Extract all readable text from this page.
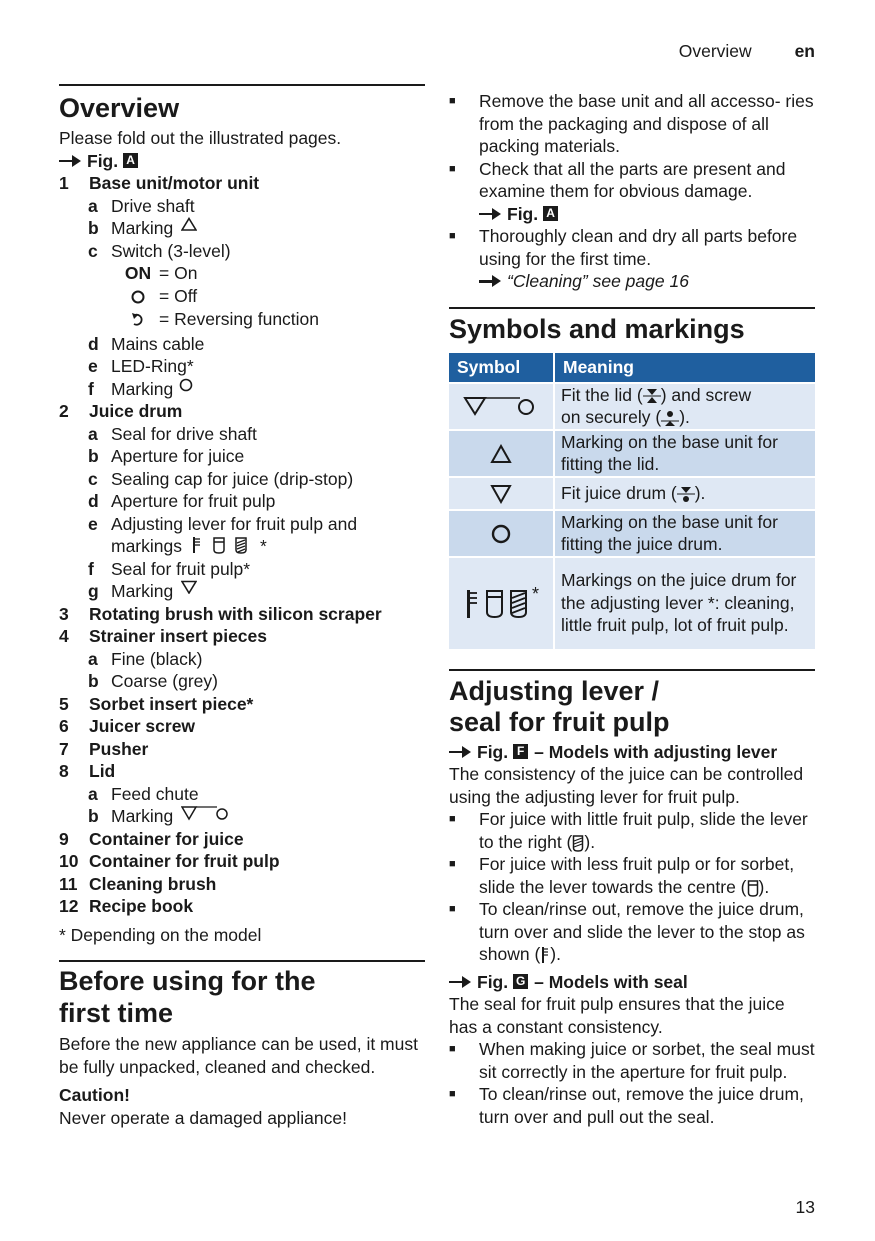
Overview en
Overview
Please fold out the illustrated pages.
Fig. A
1	Base unit/motor unit
a Drive shaft
b Marking
c Switch (3-level)
ON = On
= Off
= Reversing function
d Mains cable
e LED-Ring*
f Marking
2	Juice drum
a Seal for drive shaft
b Aperture for juice
c Sealing cap for juice (drip-stop)
d Aperture for fruit pulp
e Adjusting lever for fruit pulp and
markings	*
f Seal for fruit pulp*
g Marking
3	Rotating brush with silicon scraper
4	Strainer insert pieces
a Fine (black)
b Coarse (grey)
5	Sorbet insert piece*
6	Juicer screw
7	Pusher
8	Lid
a Feed chute
b Marking
9	Container for juice
10 Container for fruit pulp
11 Cleaning brush
12 Recipe book
* Depending on the model
Before using for the
first time
Before the new appliance can be used, it must be fully unpacked, cleaned and checked.
Caution!
Never operate a damaged appliance!
■	Remove the base unit and all accesso- ries from the packaging and dispose of all packing materials.
■	Check that all the parts are present and examine them for obvious damage.
Fig. A
■	Thoroughly clean and dry all parts before using for the first time.
“Cleaning” see page 16
Symbols and markings
Symbol	Meaning
	Fit the lid ( ) and screw
on securely ( ).
	Marking on the base unit for fitting the lid.
	Fit juice drum ( ).
	Marking on the base unit for fitting the juice drum.

*	Markings on the juice drum for the adjusting lever *: cleaning, little fruit pulp, lot of fruit pulp.
Adjusting lever /
seal for fruit pulp
Fig. F – Models with adjusting lever
The consistency of the juice can be controlled using the adjusting lever for fruit pulp.
■	For juice with little fruit pulp, slide the lever to the right ( ).
■	For juice with less fruit pulp or for sorbet, slide the lever towards the centre ( ).
■	To clean/rinse out, remove the juice drum, turn over and slide the lever to the stop as shown ( ).
Fig. G – Models with seal
The seal for fruit pulp ensures that the juice has a constant consistency.
■	When making juice or sorbet, the seal must sit correctly in the aperture for fruit pulp.
■	To clean/rinse out, remove the juice drum, turn over and pull out the seal.
13
